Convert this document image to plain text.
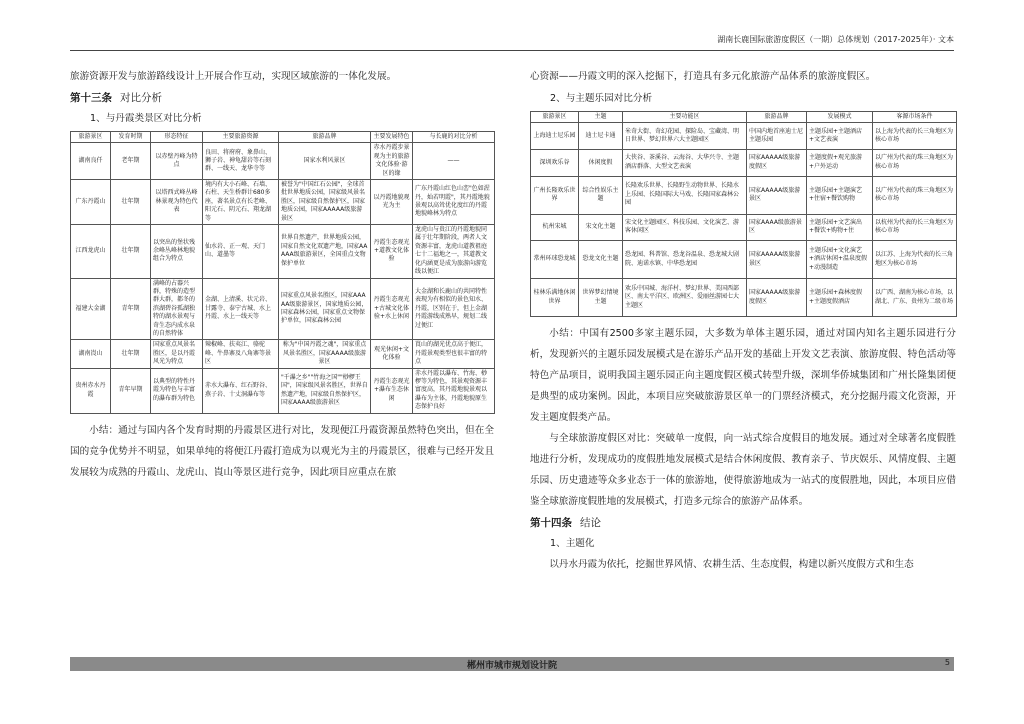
湖南长鹿国际旅游度假区（一期）总体规划（2017-2025年）· 文本

旅游资源开发与旅游路线设计上开展合作互动，实现区域旅游的一体化发展。

第十三条 对比分析
1、与丹霞类景区对比分析
旅游景区	发育时期	形态特征	主要旅游资源	旅游品牌	主要发展特色	与长鹿的对比分析
湖南良仟	老年期	以赤壁丹峰为特点	良田、将府府、象鼻山、狮子岩、神龟甜岩等石刻群、一线天、龙华寺等	国家水利风景区	赤水丹霞步景观为主的旅游文化体验·游区的缘	——
广东丹霞山	壮年期	以塔西式峰丛峰林景观为特色代表	境内有大小石峰、石墙、石柱、天生桥群计680多座，著名景点有长老峰、阳元石、阴元石、翔龙湖等	被誉为"中国红石公园"，全球首批世界地质公园，国家级风景名胜区，国家级自然保护区，国家地质公园，国家AAAAA级旅游景区	以丹霞地貌观光为主	广东丹霞山红色山峦"色如渥丹，灿若明霞"，其丹霞地貌景观以高耸优化度红的丹霞地貌峰林为特点
江西龙虎山	壮年期	以突出的堡状残余峰丛峰林地貌组合为特点	仙水岩、正一观、天门山、道墨等	世界自然遗产，世界地质公园，国家自然文化双遗产地，国家AAAAA级旅游景区，全国重点文物保护单位	丹霞生态观光+道教文化体验	龙虎山与贵江的丹霞地貌同属于壮年期阶段，两者人文资源丰富，龙虎山道教祖庭七十二福地之一，其道教文化内涵更是成为旅游向游览线以便江
福建大金湖	青年期	满峰的占器兴群，特殊的造型群大群，都冬的滨湖碧谷孤湖独特的湖水景观与奇生态内成水泉的自然特体	金湖、上清溪、状元岩、甘露寺、泰宁古城、水上丹霞、水上一线天等	国家重点风景名胜区，国家AAAAA级旅游景区，国家地质公园，国家森林公园，国家重点文物保护单位，国家森林公园	丹霞生态观光+古城文化体验+水上休闲	大金湖和长鹿山的共同特性表现为有相似的景色知水、丹霞，区别在于，但上金湖丹霞游线成熟早，规划二线过便江
湖南崀山	壮年期	国家重点风景名胜区，是以丹霞风光为特点	辣椒峰、扶夷江、骆驼峰、牛鼻寨及八角寨等景区	称为"中国丹霞之魂"，国家重点风景名胜区，国家AAAA级旅游景区	观光休闲+文化体验	崀山的湖光优点高于便江，丹霞景观类型也很丰富的特点
贵州赤水丹霞	青年早期	以典型的特性丹霞为特色与丰富的瀑布群为特色	赤水大瀑布、红石野谷、燕子岩、十丈洞瀑布等	"千瀑之乡""竹海之国""桫椤王国"，国家级风景名胜区，世界自然遗产地，国家级自然保护区，国家AAAA级旅游景区	丹霞生态观光+瀑布生态休闲	赤水丹霞以瀑布、竹海、桫椤等为特色，其景观资源丰富度高，其丹霞地貌景观以瀑布为主体，丹霞地貌原生态保护良好

小结：通过与国内各个发育时期的丹霞景区进行对比，发现便江丹霞资源虽然特色突出，但在全国的竞争优势并不明显，如果单纯的将便江丹霞打造成为以观光为主的丹霞景区，很难与已经开发且发展较为成熟的丹霞山、龙虎山、崀山等景区进行竞争，因此项目应重点在旅

心资源——丹霞文明的深入挖掘下，打造具有多元化旅游产品体系的旅游度假区。

2、与主题乐园对比分析
旅游景区	主题	主要功能区	旅游品牌	发展模式	客源市场条件
上海迪士尼乐园	迪士尼卡通	米奇大街、奇幻花园、探险岛、宝藏湾、明日世界、梦幻世界六大主题园区	中国内地首座迪士尼主题乐园	主题乐园+主题酒店+文艺表演	以上海为代表的长三角地区为核心市场
深圳欢乐谷	休闲度假	大侠谷、茶溪谷、云海谷、大华兴寺、主题酒店群落、大型文艺表演	国家AAAAA级旅游度假区	主题度假+观光旅游+户外运动	以广州为代表的珠三角地区为核心市场
广州长隆欢乐世界	综合性娱乐主题	长隆欢乐世界、长隆野生动物世界、长隆水上乐园、长隆国际大马戏、长隆国家森林公园	国家AAAAA级旅游景区	主题乐园+主题演艺+住宿+餐饮购物	以广州为代表的珠三角地区为核心市场
杭州宋城	宋文化主题	宋文化主题园区、科技乐园、文化演艺、游客休闲区	国家AAAA级旅游景区	主题乐园+文艺演出+餐饮+购物+住	以杭州为代表的长三角地区为核心市场
常州环球恐龙城	恐龙文化主题	恐龙园、科普馆、恐龙谷温泉、恐龙城大剧院、迪诺水镇、中华恐龙园	国家AAAAA级旅游景区	主题乐园+文化演艺+酒店休闲+温泉度假+动漫制造	以江苏、上海为代表的长三角地区为核心市场
桂林乐满地休闲世界	世界梦幻情境主题	欢乐中国城、海洋村、梦幻世界、美国西部区、南太平洋区、欧洲区、爱丽丝游园七大主题区	国家AAAAA级旅游度假区	主题乐园+森林度假+主题度假酒店	以广西、湖南为核心市场，以湖北、广东、贵州为二级市场

小结：中国有2500多家主题乐园，大多数为单体主题乐园，通过对国内知名主题乐园进行分析，发现新兴的主题乐园发展模式是在游乐产品开发的基础上开发文艺表演、旅游度假、特色活动等特色产品项目，说明我国主题乐园正向主题度假区模式转型升级，深圳华侨城集团和广州长隆集团便是典型的成功案例。因此，本项目应突破旅游景区单一的门票经济模式，充分挖掘丹霞文化资源，开发主题度假类产品。

与全球旅游度假区对比：突破单一度假，向一站式综合度假目的地发展。通过对全球著名度假胜地进行分析，发现成功的度假胜地发展模式是结合休闲度假、教育亲子、节庆娱乐、风情度假、主题乐园、历史遗迹等众多业态于一体的旅游地，使得旅游地成为一站式的度假胜地，因此，本项目应借鉴全球旅游度假胜地的发展模式，打造多元综合的旅游产品体系。

第十四条 结论
1、主题化

以丹水丹霞为依托，挖掘世界风情、农耕生活、生态度假，构建以新兴度假方式和生态

郴州市城市规划设计院	5
